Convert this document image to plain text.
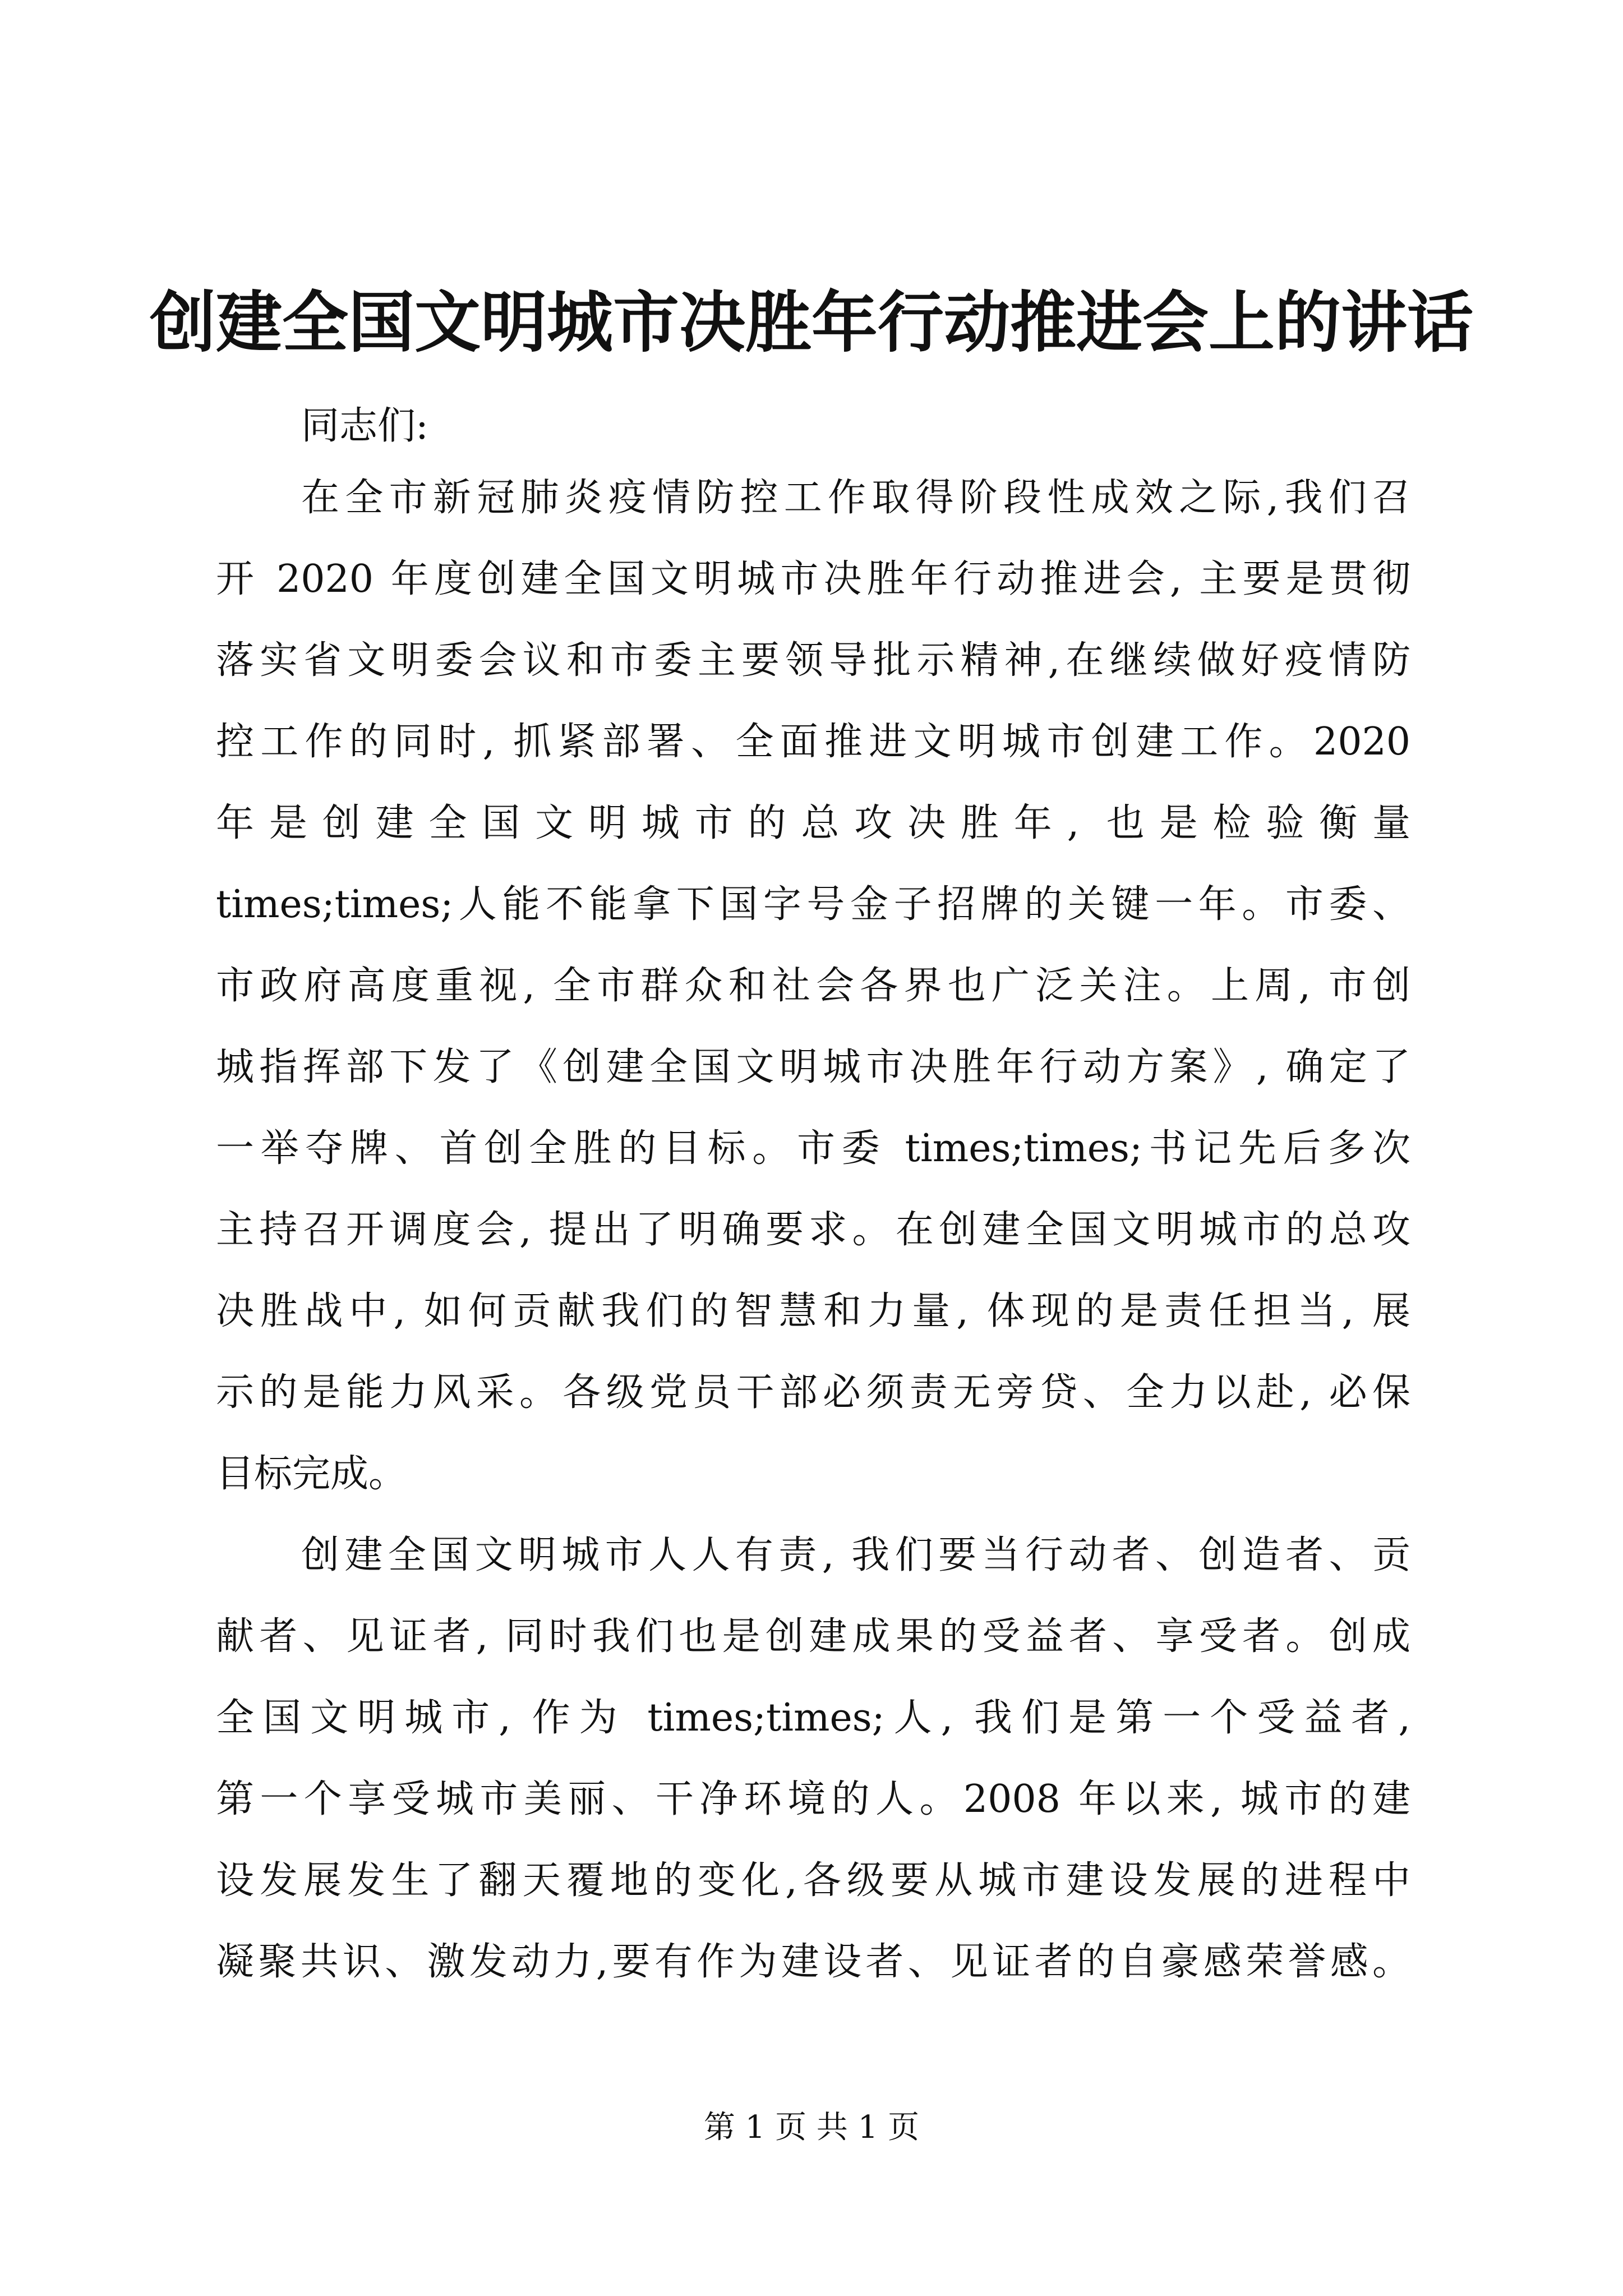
创建全国文明城市决胜年行动推进会上的讲话
同志们:
在全市新冠肺炎疫情防控工作取得阶段性成效之际,我们召
开 2020 年度创建全国文明城市决胜年行动推进会, 主要是贯彻
落实省文明委会议和市委主要领导批示精神,在继续做好疫情防
控工作的同时, 抓紧部署、全面推进文明城市创建工作。2020
年是创建全国文明城市的总攻决胜年, 也是检验衡量
times;times;人能不能拿下国字号金子招牌的关键一年。市委、
市政府高度重视, 全市群众和社会各界也广泛关注。上周, 市创
城指挥部下发了《创建全国文明城市决胜年行动方案》, 确定了
一举夺牌、首创全胜的目标。市委 times;times;书记先后多次
主持召开调度会, 提出了明确要求。在创建全国文明城市的总攻
决胜战中, 如何贡献我们的智慧和力量, 体现的是责任担当, 展
示的是能力风采。各级党员干部必须责无旁贷、全力以赴, 必保
目标完成。
创建全国文明城市人人有责, 我们要当行动者、创造者、贡
献者、见证者, 同时我们也是创建成果的受益者、享受者。创成
全国文明城市, 作为 times;times;人, 我们是第一个受益者,
第一个享受城市美丽、干净环境的人。2008 年以来, 城市的建
设发展发生了翻天覆地的变化,各级要从城市建设发展的进程中
凝聚共识、激发动力,要有作为建设者、见证者的自豪感荣誉感。
第 1 页 共 1 页
